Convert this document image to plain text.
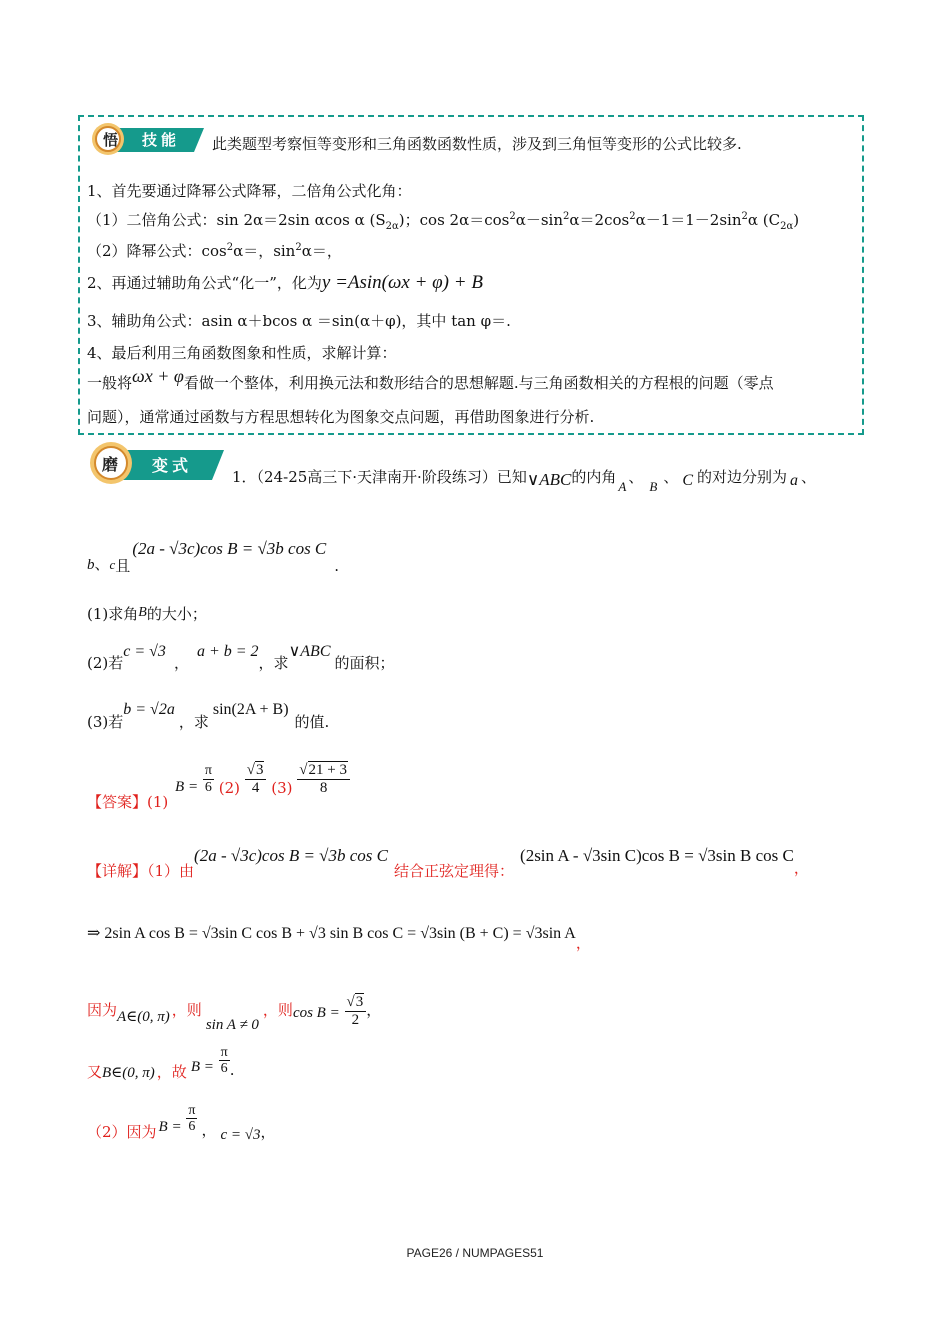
悟 技能 此类题型考察恒等变形和三角函数函数性质，涉及到三角恒等变形的公式比较多.
1、首先要通过降幂公式降幂，二倍角公式化角：
（1）二倍角公式：sin 2α＝2sin αcos α $(S_{2\alpha})$；$\cos 2\alpha=\cos^2\alpha-\sin^2\alpha=2\cos^2\alpha-1=1-2\sin^2\alpha$ $(C_{2\alpha})$
（2）降幂公式：$\cos^2\alpha=$，$\sin^2\alpha=$，
2、再通过辅助角公式“化一”，化为y =Asin(ωx + φ) + B
3、辅助角公式：asin α＋bcos α ＝sin(α＋φ)，其中 tan φ＝.
4、最后利用三角函数图象和性质，求解计算：
一般将ωx + φ看做一个整体，利用换元法和数形结合的思想解题.与三角函数相关的方程根的问题（零点
问题），通常通过函数与方程思想转化为图象交点问题，再借助图象进行分析.
磨 变式
1．（24-25高三下·天津南开·阶段练习）已知∨ABC的内角A、B、 C 的对边分别为 a 、
b、c且(2a - √3c)cos B = √3b cos C.
(1)求角B的大小；
(2)若c = √3，a + b = 2，求∨ABC的面积；
(3)若b = √2a，求sin(2A + B)的值.
【答案】(1) $B = \frac{\pi}{6} (2) \frac{√3}{4} (3) \frac{√21 + 3}{8}$
【详解】（1）由(2a - √3c)cos B = √3b cos C结合正弦定理得：(2sin A - √3sin C)cos B = √3sin B cos C，
⇒ 2sin A cos B = √3sin C cos B + √3 sin B cos C = √3sin (B + C) = √3sin A，
因为A∈(0, π) ，则sin A ≠ 0，则$\cos B = \frac{√3}{2}$ ，
又B∈(0, π) ，故 $B = \frac{\pi}{6}$ .
（2）因为 $B = \frac{\pi}{6}$ ， c = √3，
PAGE26 / NUMPAGES51
